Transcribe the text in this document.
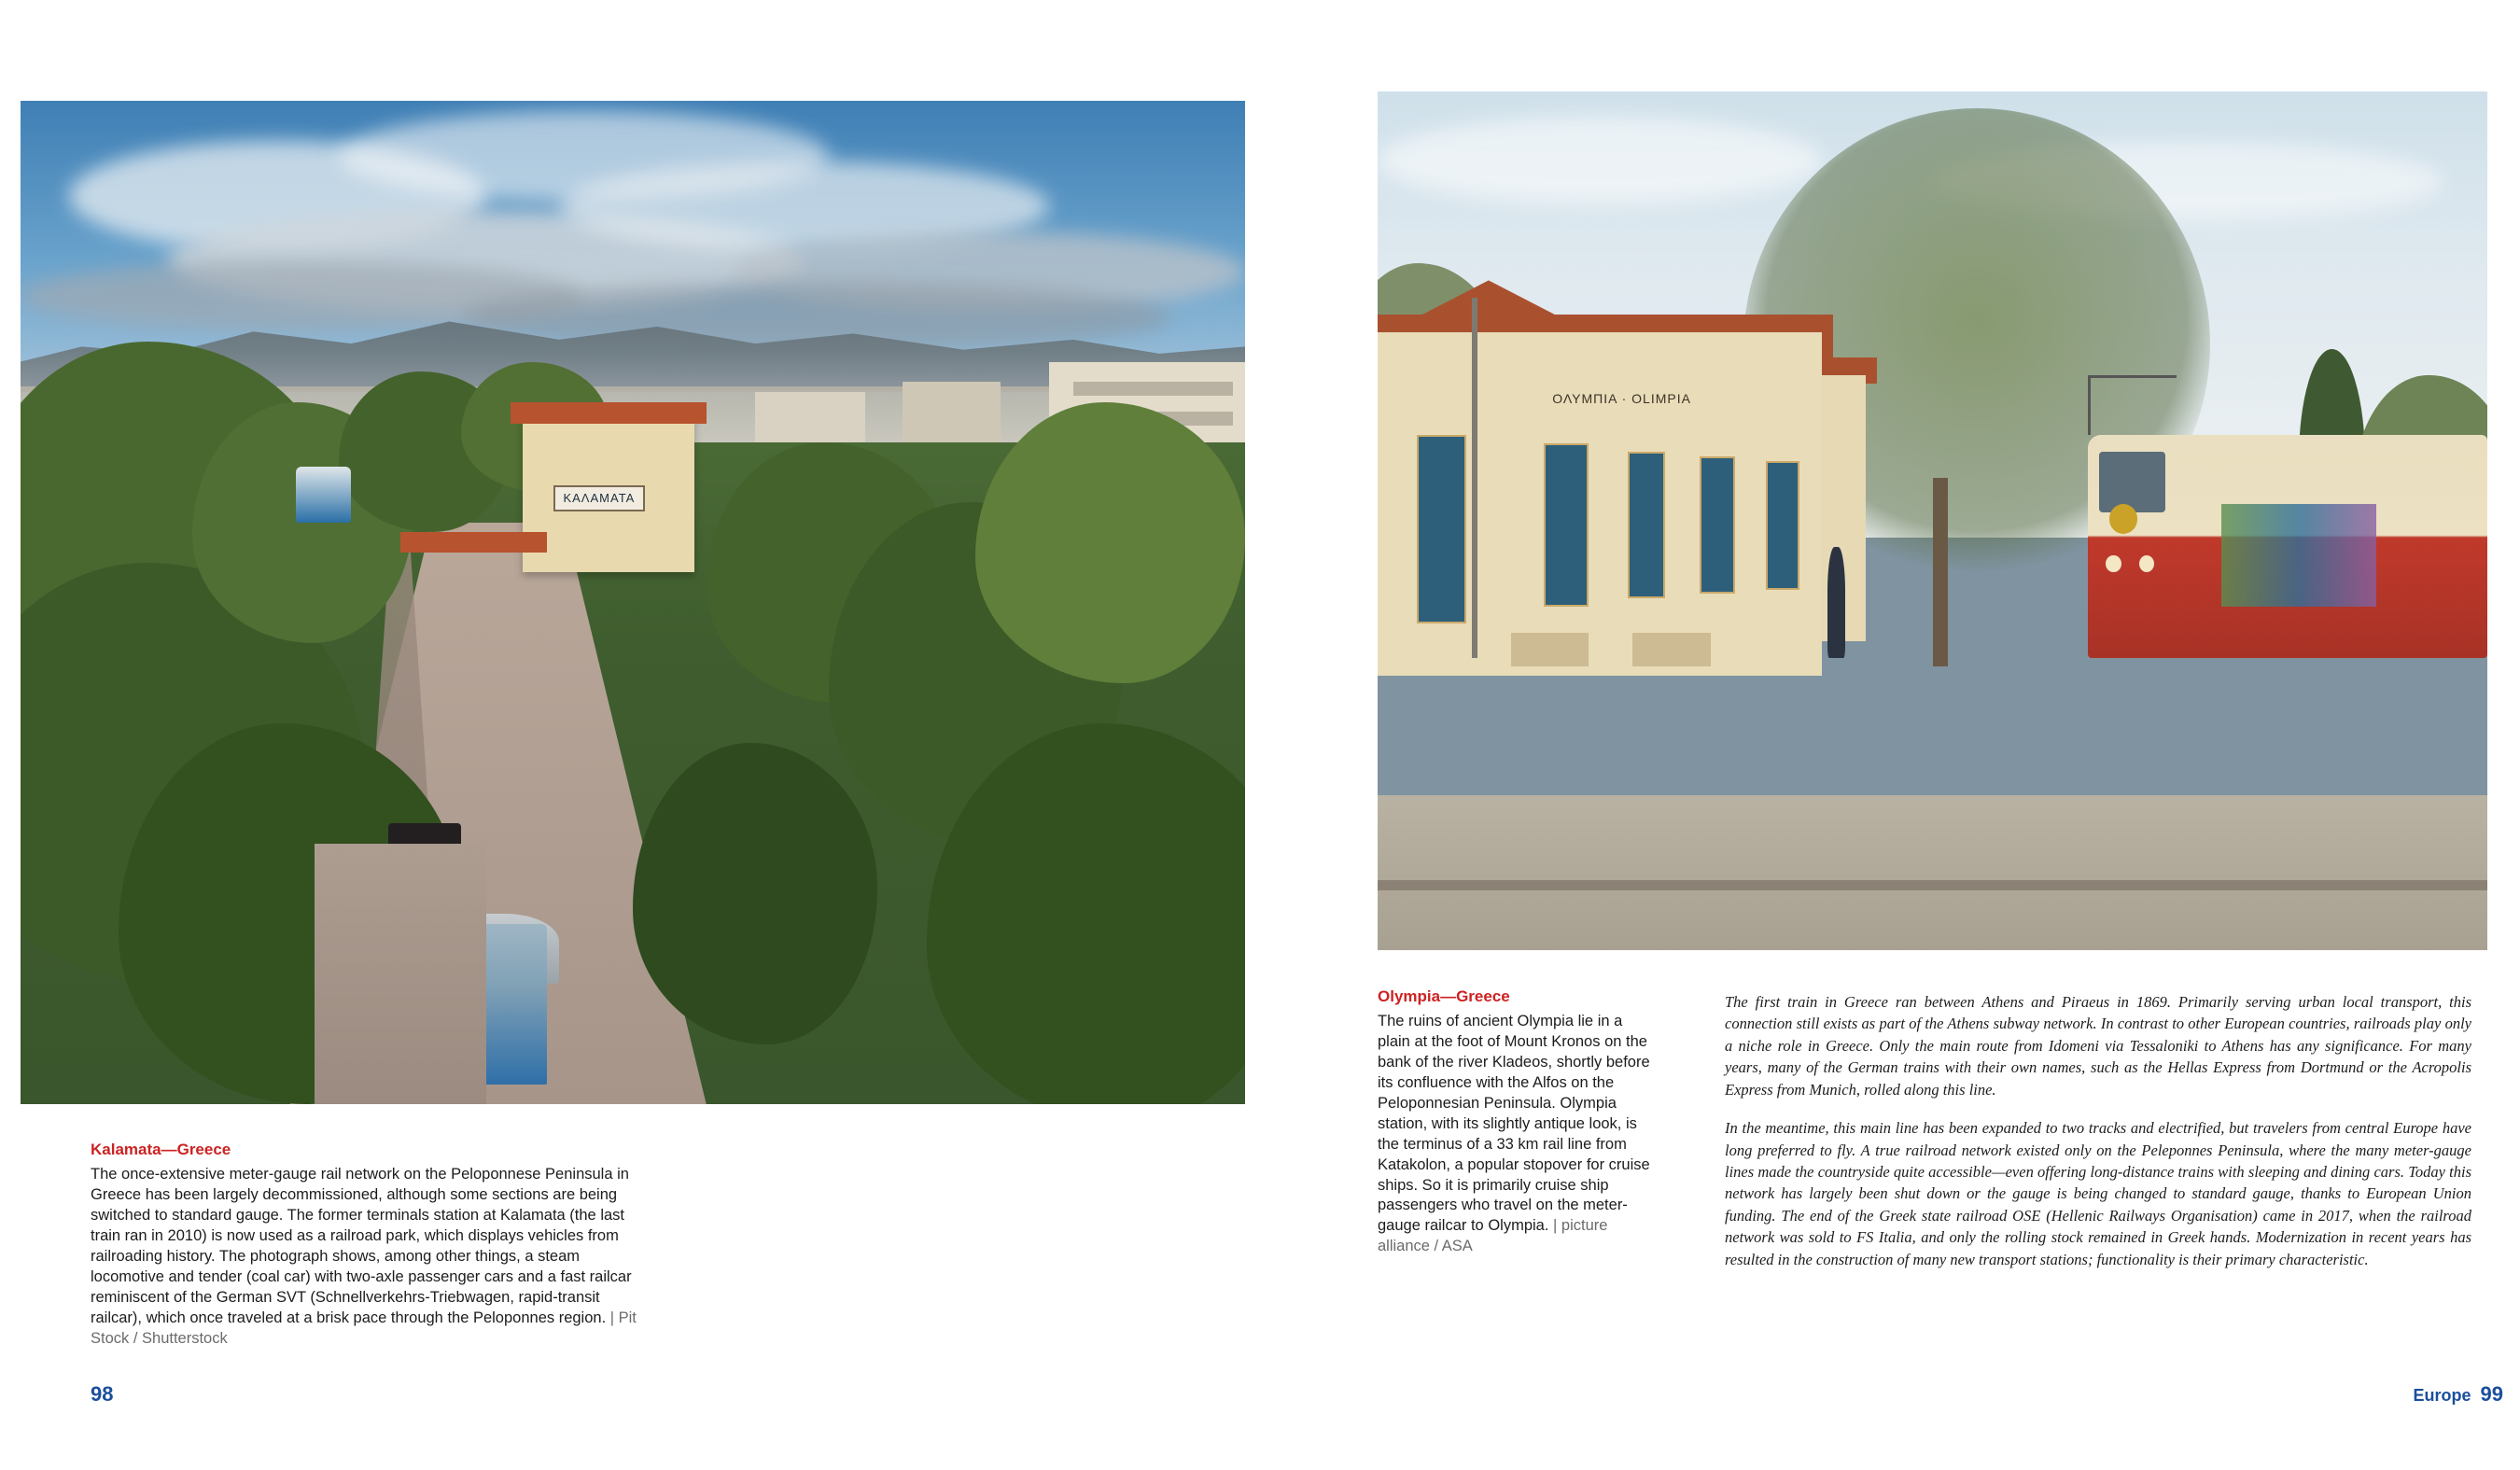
ΚΑΛΑΜΑΤΑ
Kalamata—Greece
The once-extensive meter-gauge rail network on the Peloponnese Peninsula in Greece has been largely decommissioned, although some sections are being switched to standard gauge. The former terminals station at Kalamata (the last train ran in 2010) is now used as a railroad park, which displays vehicles from railroading history. The photograph shows, among other things, a steam locomotive and tender (coal car) with two-axle passenger cars and a fast railcar reminiscent of the German SVT (Schnellverkehrs-Triebwagen, rapid-transit railcar), which once traveled at a brisk pace through the Peloponnes region. | Pit Stock / Shutterstock
98
ΟΛΥΜΠΙΑ · OLIMPIA
Olympia—Greece
The ruins of ancient Olympia lie in a plain at the foot of Mount Kronos on the bank of the river Kladeos, shortly before its confluence with the Alfos on the Peloponnesian Peninsula. Olympia station, with its slightly antique look, is the terminus of a 33 km rail line from Katakolon, a popular stopover for cruise ships. So it is primarily cruise ship passengers who travel on the meter-gauge railcar to Olympia. | picture alliance / ASA

The first train in Greece ran between Athens and Piraeus in 1869. Primarily serving urban local transport, this connection still exists as part of the Athens subway network. In contrast to other European countries, railroads play only a niche role in Greece. Only the main route from Idomeni via Tessaloniki to Athens has any significance. For many years, many of the German trains with their own names, such as the Hellas Express from Dortmund or the Acropolis Express from Munich, rolled along this line.

In the meantime, this main line has been expanded to two tracks and electrified, but travelers from central Europe have long preferred to fly. A true railroad network existed only on the Peleponnes Peninsula, where the many meter-gauge lines made the countryside quite accessible—even offering long-distance trains with sleeping and dining cars. Today this network has largely been shut down or the gauge is being changed to standard gauge, thanks to European Union funding. The end of the Greek state railroad OSE (Hellenic Railways Organisation) came in 2017, when the railroad network was sold to FS Italia, and only the rolling stock remained in Greek hands. Modernization in recent years has resulted in the construction of many new transport stations; functionality is their primary characteristic.

Europe 99
